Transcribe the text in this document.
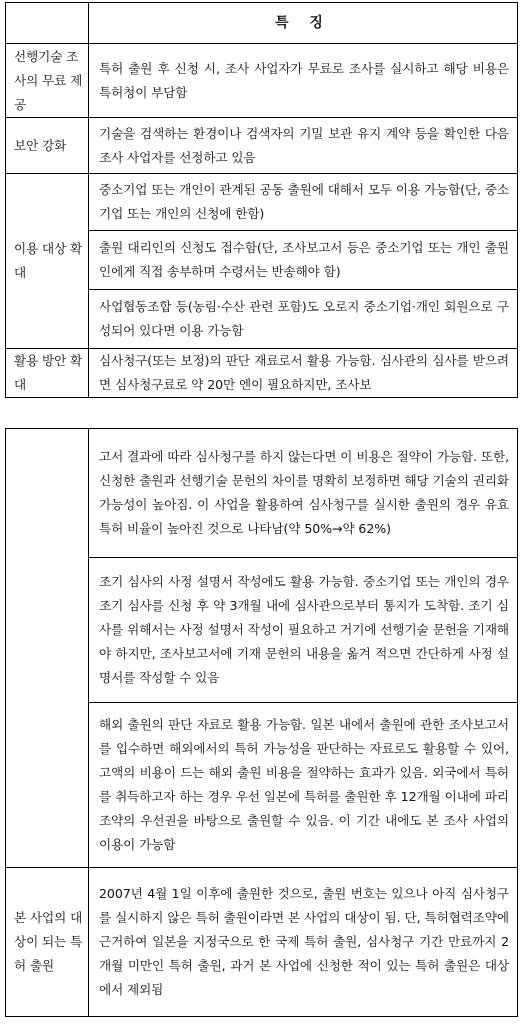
	특 징
선행기술 조사의 무료 제공	특허 출원 후 신청 시, 조사 사업자가 무료로 조사를 실시하고 해당 비용은 특허청이 부담함
보안 강화	기술을 검색하는 환경이나 검색자의 기밀 보관 유지 계약 등을 확인한 다음 조사 사업자를 선정하고 있음
이용 대상 확대	중소기업 또는 개인이 관계된 공동 출원에 대해서 모두 이용 가능함(단, 중소기업 또는 개인의 신청에 한함)
	출원 대리인의 신청도 접수함(단, 조사보고서 등은 중소기업 또는 개인 출원인에게 직접 송부하며 수령서는 반송해야 함)
	사업협동조합 등(농림·수산 관련 포함)도 오로지 중소기업·개인 회원으로 구성되어 있다면 이용 가능함
활용 방안 확대	심사청구(또는 보정)의 판단 재료로서 활용 가능함. 심사관의 심사를 받으려면 심사청구료로 약 20만 엔이 필요하지만, 조사보
	고서 결과에 따라 심사청구를 하지 않는다면 이 비용은 절약이 가능함. 또한, 신청한 출원과 선행기술 문헌의 차이를 명확히 보정하면 해당 기술의 권리화 가능성이 높아짐. 이 사업을 활용하여 심사청구를 실시한 출원의 경우 유효특허 비율이 높아진 것으로 나타남(약 50%→약 62%)
	조기 심사의 사정 설명서 작성에도 활용 가능함. 중소기업 또는 개인의 경우 조기 심사를 신청 후 약 3개월 내에 심사관으로부터 통지가 도착함. 조기 심사를 위해서는 사정 설명서 작성이 필요하고 거기에 선행기술 문헌을 기재해야 하지만, 조사보고서에 기재 문헌의 내용을 옮겨 적으면 간단하게 사정 설명서를 작성할 수 있음
	해외 출원의 판단 자료로 활용 가능함. 일본 내에서 출원에 관한 조사보고서를 입수하면 해외에서의 특허 가능성을 판단하는 자료로도 활용할 수 있어, 고액의 비용이 드는 해외 출원 비용을 절약하는 효과가 있음. 외국에서 특허를 취득하고자 하는 경우 우선 일본에 특허를 출원한 후 12개월 이내에 파리 조약의 우선권을 바탕으로 출원할 수 있음. 이 기간 내에도 본 조사 사업의 이용이 가능함
본 사업의 대상이 되는 특허 출원	2007년 4월 1일 이후에 출원한 것으로, 출원 번호는 있으나 아직 심사청구를 실시하지 않은 특허 출원이라면 본 사업의 대상이 됨. 단, 특허협력조약에 근거하여 일본을 지정국으로 한 국제 특허 출원, 심사청구 기간 만료까지 2개월 미만인 특허 출원, 과거 본 사업에 신청한 적이 있는 특허 출원은 대상에서 제외됨
